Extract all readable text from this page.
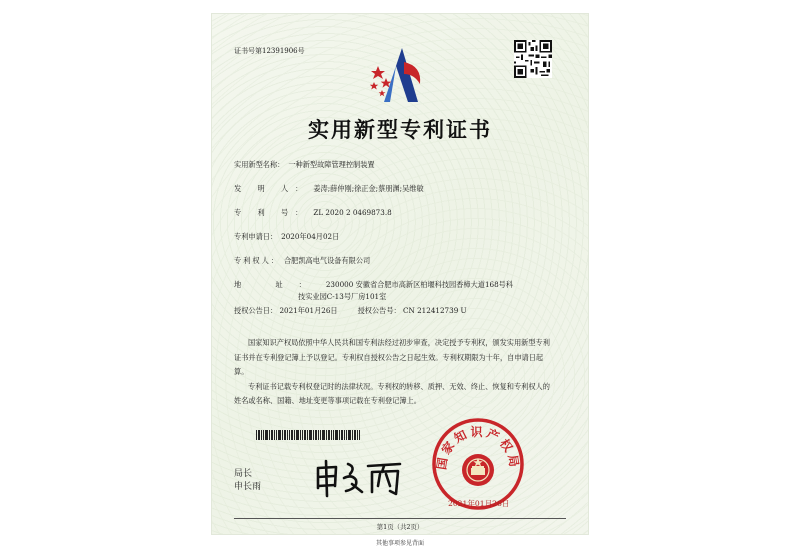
证书号第12391906号
实用新型专利证书
实用新型名称： 一种新型故障管理控制装置
发 明 人： 姜涛;薛仲刚;徐正金;蔡朋渊;吴维敏
专 利 号： ZL 2020 2 0469873.8
专利申请日： 2020年04月02日
专利权人： 合肥凯高电气设备有限公司
地 址： 230000 安徽省合肥市高新区柏堰科技园香樟大道168号科
技实业园C-13号厂房101室
授权公告日： 2021年01月26日	授权公告号： CN 212412739 U
国家知识产权局依照中华人民共和国专利法经过初步审查，决定授予专利权，颁发实用新型专利证书并在专利登记簿上予以登记。专利权自授权公告之日起生效。专利权期限为十年，自申请日起算。
专利证书记载专利权登记时的法律状况。专利权的转移、质押、无效、终止、恢复和专利权人的姓名或名称、国籍、地址变更等事项记载在专利登记簿上。
局长
申长雨
国家知识产权局
2021年01月26日
第1页（共2页）
其他事项参见背面
